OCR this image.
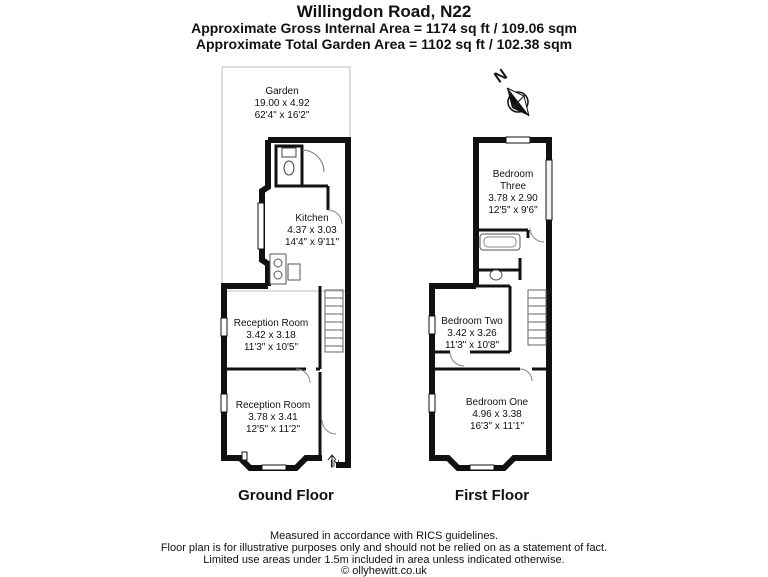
Willingdon Road, N22
Approximate Gross Internal Area = 1174 sq ft / 109.06 sqm
Approximate Total Garden Area = 1102 sq ft / 102.38 sqm
IN
Garden
19.00 x 4.92
62'4" x 16'2"
Kitchen
4.37 x 3.03
14'4" x 9'11"
Reception Room
3.42 x 3.18
11'3" x 10'5"
Reception Room
3.78 x 3.41
12'5" x 11'2"
Ground Floor
Bedroom
Three
3.78 x 2.90
12'5" x 9'6"
Bedroom Two
3.42 x 3.26
11'3" x 10'8"
Bedroom One
4.96 x 3.38
16'3" x 11'1"
First Floor
N
Measured in accordance with RICS guidelines.
Floor plan is for illustrative purposes only and should not be relied on as a statement of fact.
Limited use areas under 1.5m included in area unless indicated otherwise.
© ollyhewitt.co.uk
